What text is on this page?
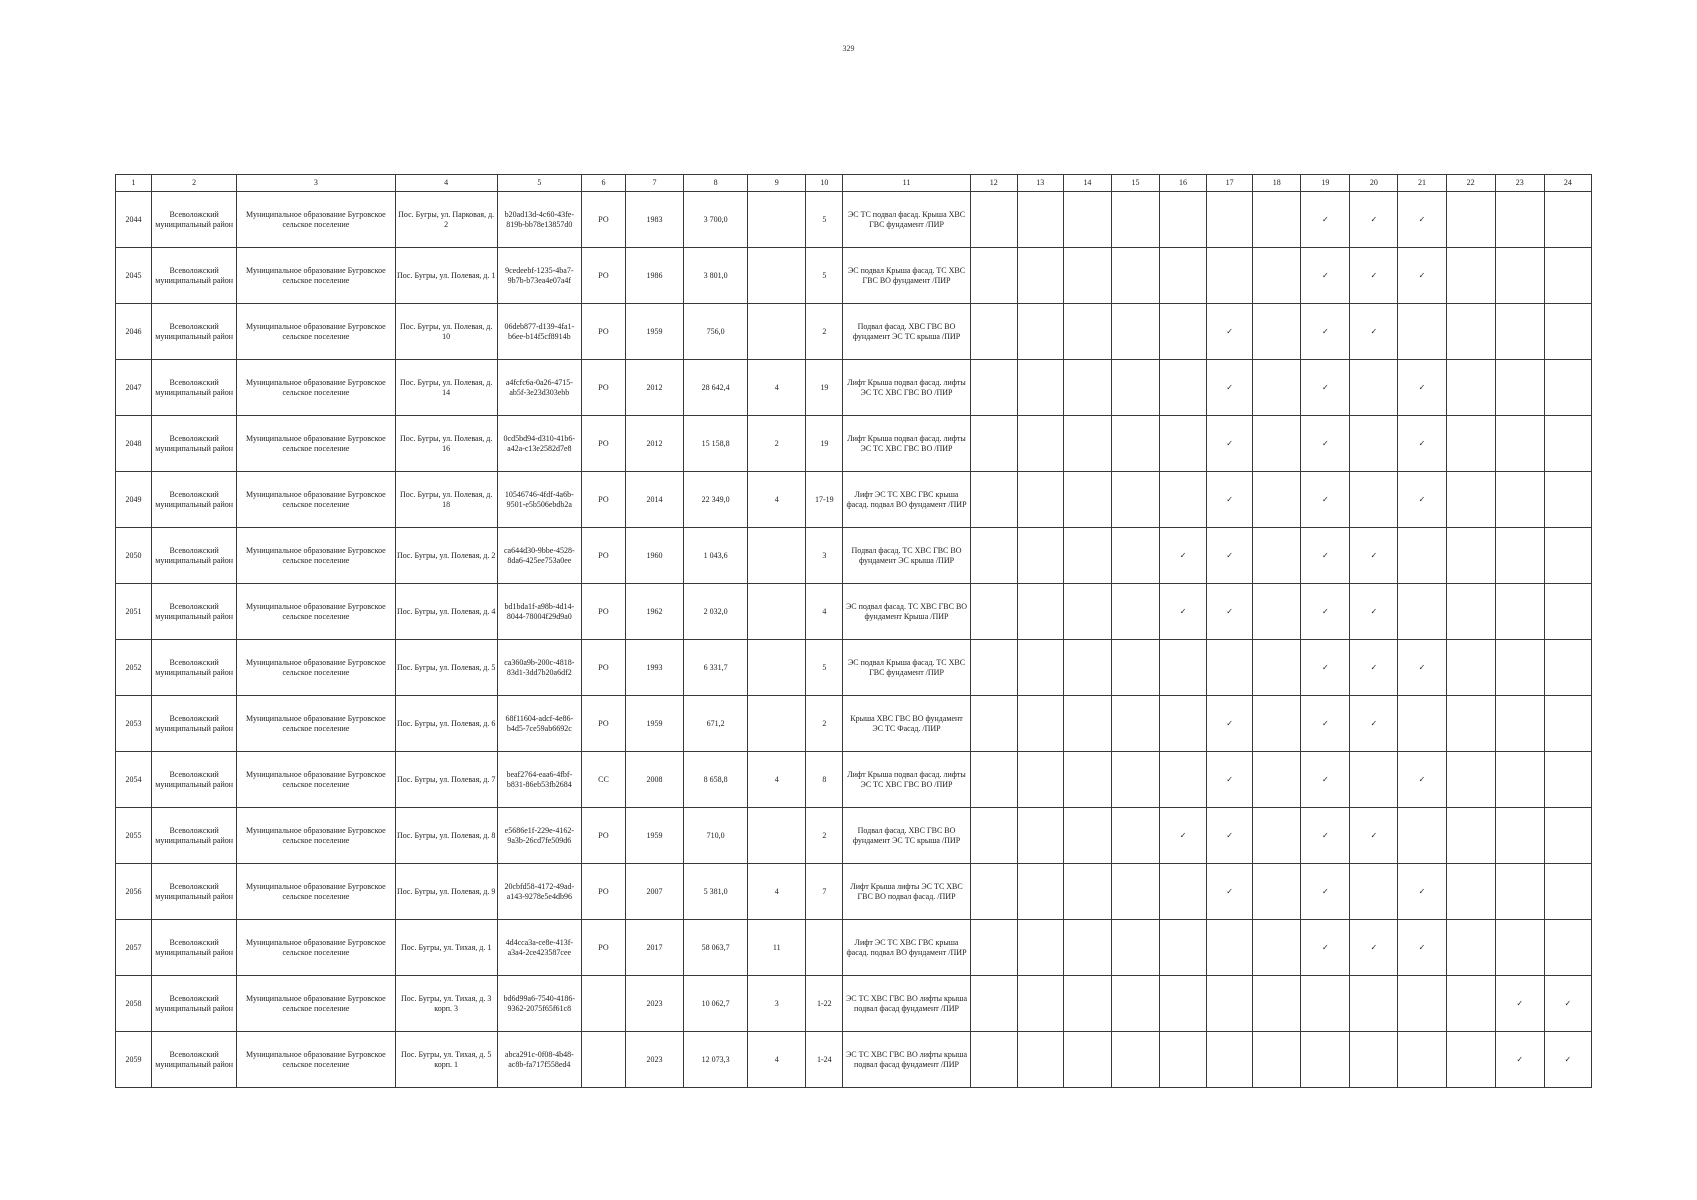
329
1	2	3	4	5	6	7	8	9	10	11	12	13	14	15	16	17	18	19	20	21	22	23	24
2044	Всеволожский муниципальный район	Муниципальное образование Бугровское сельское поселение	Пос. Бугры, ул. Парковая, д. 2	b20ad13d-4c60-43fe-819b-bb78e13857d0	РО	1983	3 700,0		5	ЭС ТС подвал фасад. Крыша ХВС ГВС фундамент /ПИР								✓	✓	✓			
2045	Всеволожский муниципальный район	Муниципальное образование Бугровское сельское поселение	Пос. Бугры, ул. Полевая, д. 1	9cedeebf-1235-4ba7-9b7b-b73ea4e07a4f	РО	1986	3 801,0		5	ЭС подвал Крыша фасад. ТС ХВС ГВС ВО фундамент /ПИР								✓	✓	✓			
2046	Всеволожский муниципальный район	Муниципальное образование Бугровское сельское поселение	Пос. Бугры, ул. Полевая, д. 10	06deb877-d139-4fa1-b6ee-b14f5cf8914b	РО	1959	756,0		2	Подвал фасад. ХВС ГВС ВО фундамент ЭС ТС крыша /ПИР						✓		✓	✓				
2047	Всеволожский муниципальный район	Муниципальное образование Бугровское сельское поселение	Пос. Бугры, ул. Полевая, д. 14	a4fcfc6a-0a26-4715-ab5f-3e23d303ebb	РО	2012	28 642,4	4	19	Лифт Крыша подвал фасад. лифты ЭС ТС ХВС ГВС ВО /ПИР						✓		✓		✓			
2048	Всеволожский муниципальный район	Муниципальное образование Бугровское сельское поселение	Пос. Бугры, ул. Полевая, д. 16	0cd5bd94-d310-41b6-a42a-c13e2582d7e8	РО	2012	15 158,8	2	19	Лифт Крыша подвал фасад. лифты ЭС ТС ХВС ГВС ВО /ПИР						✓		✓		✓			
2049	Всеволожский муниципальный район	Муниципальное образование Бугровское сельское поселение	Пос. Бугры, ул. Полевая, д. 18	10546746-4fdf-4a6b-9501-e5b506ebdb2a	РО	2014	22 349,0	4	17-19	Лифт ЭС ТС ХВС ГВС крыша фасад. подвал ВО фундамент /ПИР						✓		✓		✓			
2050	Всеволожский муниципальный район	Муниципальное образование Бугровское сельское поселение	Пос. Бугры, ул. Полевая, д. 2	ca644d30-9bbe-4528-8da6-425ee753a0ee	РО	1960	1 043,6		3	Подвал фасад. ТС ХВС ГВС ВО фундамент ЭС крыша /ПИР					✓	✓		✓	✓				
2051	Всеволожский муниципальный район	Муниципальное образование Бугровское сельское поселение	Пос. Бугры, ул. Полевая, д. 4	bd1bda1f-a98b-4d14-8044-78004f29d9a0	РО	1962	2 032,0		4	ЭС подвал фасад. ТС ХВС ГВС ВО фундамент Крыша /ПИР					✓	✓		✓	✓				
2052	Всеволожский муниципальный район	Муниципальное образование Бугровское сельское поселение	Пос. Бугры, ул. Полевая, д. 5	ca360a9b-200c-4818-83d1-3dd7b20a6df2	РО	1993	6 331,7		5	ЭС подвал Крыша фасад. ТС ХВС ГВС фундамент /ПИР								✓	✓	✓			
2053	Всеволожский муниципальный район	Муниципальное образование Бугровское сельское поселение	Пос. Бугры, ул. Полевая, д. 6	68f11604-adcf-4e86-b4d5-7ce59ab6692c	РО	1959	671,2		2	Крыша ХВС ГВС ВО фундамент ЭС ТС Фасад. /ПИР						✓		✓	✓				
2054	Всеволожский муниципальный район	Муниципальное образование Бугровское сельское поселение	Пос. Бугры, ул. Полевая, д. 7	beaf2764-eaa6-4fbf-b831-86eb53fb2684	СС	2008	8 658,8	4	8	Лифт Крыша подвал фасад. лифты ЭС ТС ХВС ГВС ВО /ПИР						✓		✓		✓			
2055	Всеволожский муниципальный район	Муниципальное образование Бугровское сельское поселение	Пос. Бугры, ул. Полевая, д. 8	e5686e1f-229e-4162-9a3b-26cd7fe509d6	РО	1959	710,0		2	Подвал фасад. ХВС ГВС ВО фундамент ЭС ТС крыша /ПИР					✓	✓		✓	✓				
2056	Всеволожский муниципальный район	Муниципальное образование Бугровское сельское поселение	Пос. Бугры, ул. Полевая, д. 9	20cbfd58-4172-49ad-a143-9278e5e4db96	РО	2007	5 381,0	4	7	Лифт Крыша лифты ЭС ТС ХВС ГВС ВО подвал фасад. /ПИР						✓		✓		✓			
2057	Всеволожский муниципальный район	Муниципальное образование Бугровское сельское поселение	Пос. Бугры, ул. Тихая, д. 1	4d4cca3a-ce8e-413f-a3a4-2ce423587cee	РО	2017	58 063,7	11		Лифт ЭС ТС ХВС ГВС крыша фасад. подвал ВО фундамент /ПИР								✓	✓	✓			
2058	Всеволожский муниципальный район	Муниципальное образование Бугровское сельское поселение	Пос. Бугры, ул. Тихая, д. 3 корп. 3	bd6d99a6-7540-4186-9362-2075f65f61c8		2023	10 062,7	3	1-22	ЭС ТС ХВС ГВС ВО лифты крыша подвал фасад фундамент /ПИР												✓	✓
2059	Всеволожский муниципальный район	Муниципальное образование Бугровское сельское поселение	Пос. Бугры, ул. Тихая, д. 5 корп. 1	abca291c-0f08-4b48-ac8b-fa717f558ed4		2023	12 073,3	4	1-24	ЭС ТС ХВС ГВС ВО лифты крыша подвал фасад фундамент /ПИР												✓	✓
